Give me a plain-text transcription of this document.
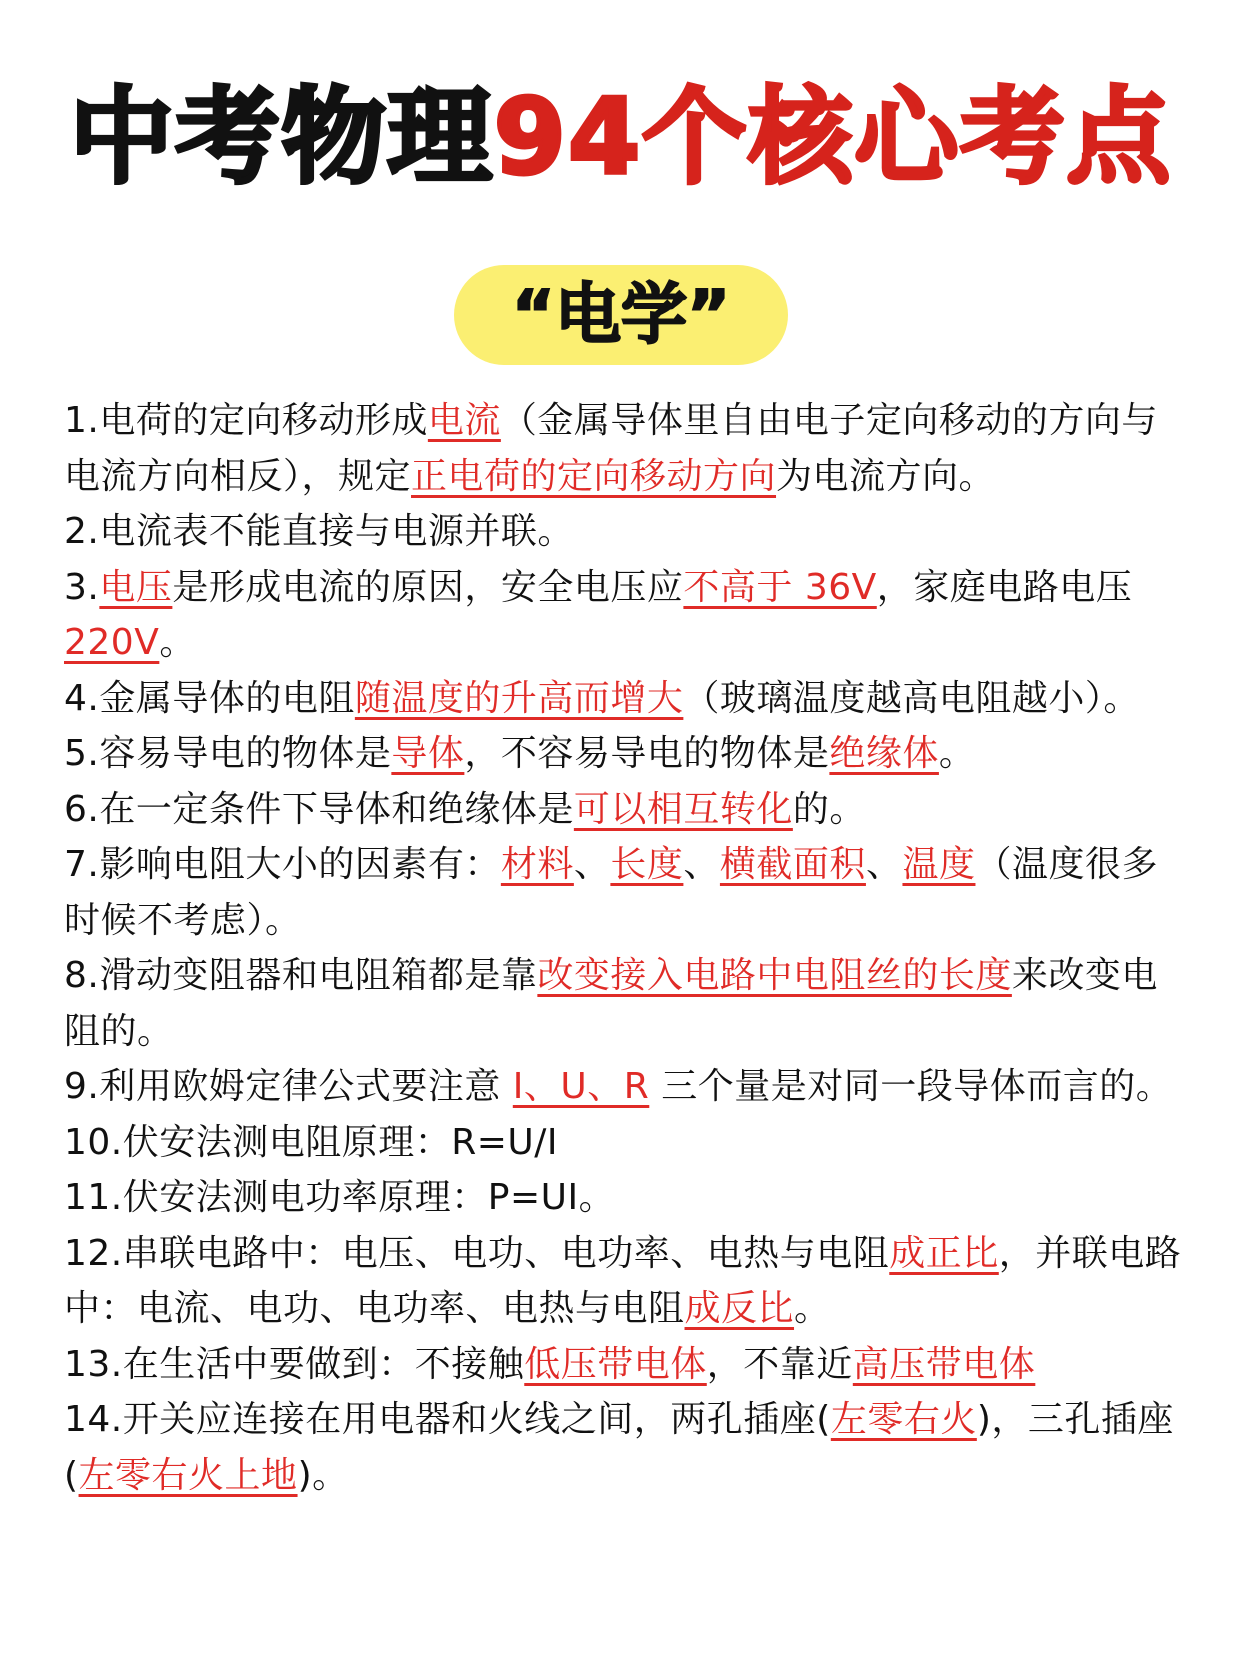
中考物理94个核心考点
“电学”

1.电荷的定向移动形成电流（金属导体里自由电子定向移动的方向与电流方向相反），规定正电荷的定向移动方向为电流方向。

2.电流表不能直接与电源并联。

3.电压是形成电流的原因，安全电压应不高于 36V，家庭电路电压 220V。

4.金属导体的电阻随温度的升高而增大（玻璃温度越高电阻越小）。

5.容易导电的物体是导体，不容易导电的物体是绝缘体。

6.在一定条件下导体和绝缘体是可以相互转化的。

7.影响电阻大小的因素有：材料、长度、横截面积、温度（温度很多时候不考虑）。

8.滑动变阻器和电阻箱都是靠改变接入电路中电阻丝的长度来改变电阻的。

9.利用欧姆定律公式要注意 I、U、R 三个量是对同一段导体而言的。

10.伏安法测电阻原理：R=U/I

11.伏安法测电功率原理：P=UI。

12.串联电路中：电压、电功、电功率、电热与电阻成正比，并联电路中：电流、电功、电功率、电热与电阻成反比。

13.在生活中要做到：不接触低压带电体，不靠近高压带电体

14.开关应连接在用电器和火线之间，两孔插座(左零右火)，三孔插座(左零右火上地)。
